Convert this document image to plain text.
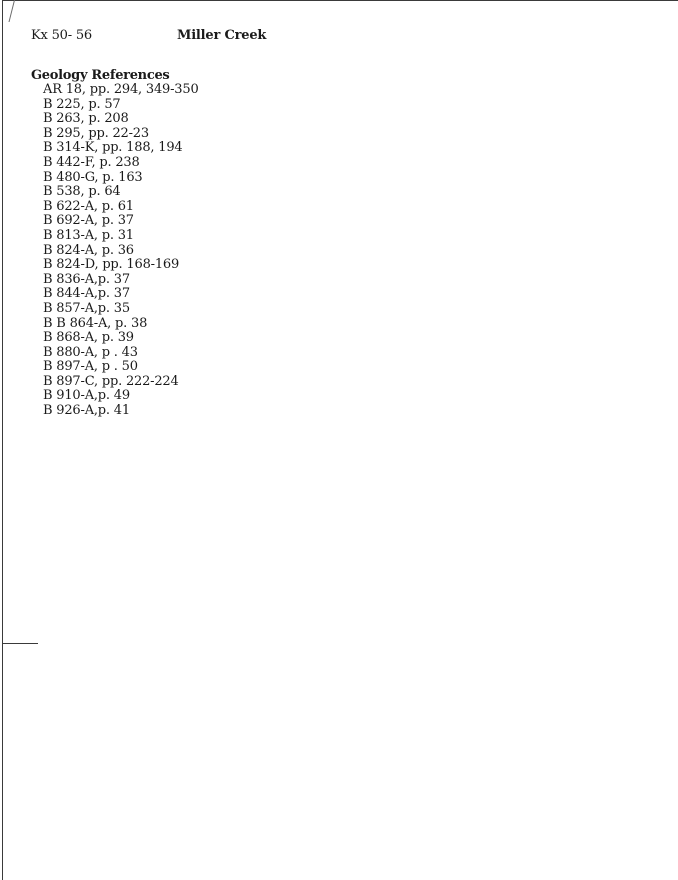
Kx 50- 56	Miller Creek
Geology References
AR 18, pp. 294, 349-350
B 225, p. 57
B 263, p. 208
B 295, pp. 22-23
B 314-K, pp. 188, 194
B 442-F, p. 238
B 480-G, p. 163
B 538, p. 64
B 622-A, p. 61
B 692-A, p. 37
B 813-A, p. 31
B 824-A, p. 36
B 824-D, pp. 168-169
B 836-A,p. 37
B 844-A,p. 37
B 857-A,p. 35
B B 864-A, p. 38
B 868-A, p. 39
B 880-A, p . 43
B 897-A, p . 50
B 897-C, pp. 222-224
B 910-A,p. 49
B 926-A,p. 41
